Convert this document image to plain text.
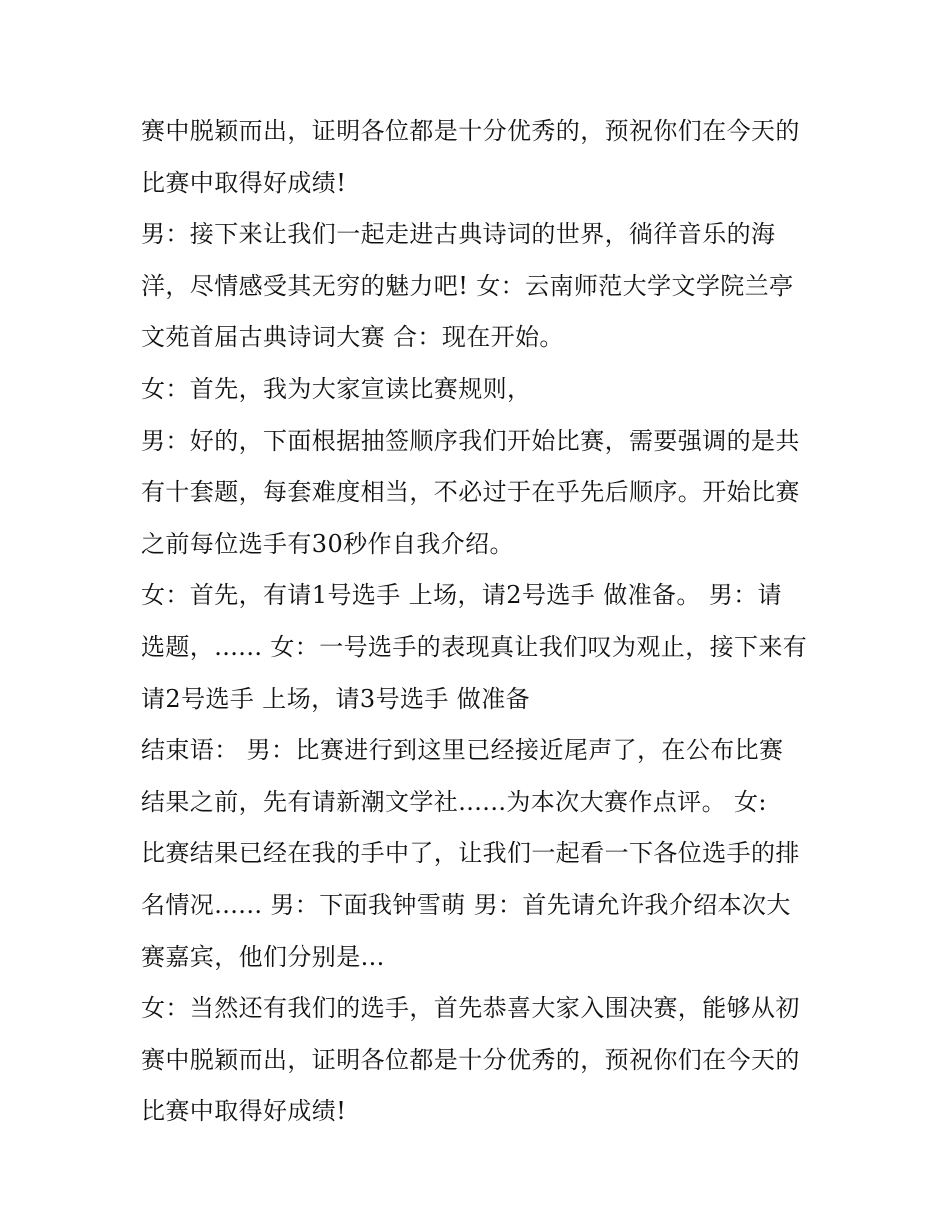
赛中脱颖而出，证明各位都是十分优秀的，预祝你们在今天的
比赛中取得好成绩!
男：接下来让我们一起走进古典诗词的世界，徜徉音乐的海
洋，尽情感受其无穷的魅力吧! 女：云南师范大学文学院兰亭
文苑首届古典诗词大赛 合：现在开始。
女：首先，我为大家宣读比赛规则，
男：好的，下面根据抽签顺序我们开始比赛，需要强调的是共
有十套题，每套难度相当，不必过于在乎先后顺序。开始比赛
之前每位选手有30秒作自我介绍。
女：首先，有请1号选手 上场，请2号选手 做准备。 男：请
选题，...... 女：一号选手的表现真让我们叹为观止，接下来有
请2号选手 上场，请3号选手 做准备
结束语： 男：比赛进行到这里已经接近尾声了，在公布比赛
结果之前，先有请新潮文学社......为本次大赛作点评。 女:
比赛结果已经在我的手中了，让我们一起看一下各位选手的排
名情况...... 男：下面我钟雪萌 男：首先请允许我介绍本次大
赛嘉宾，他们分别是...
女：当然还有我们的选手，首先恭喜大家入围决赛，能够从初
赛中脱颖而出，证明各位都是十分优秀的，预祝你们在今天的
比赛中取得好成绩!
